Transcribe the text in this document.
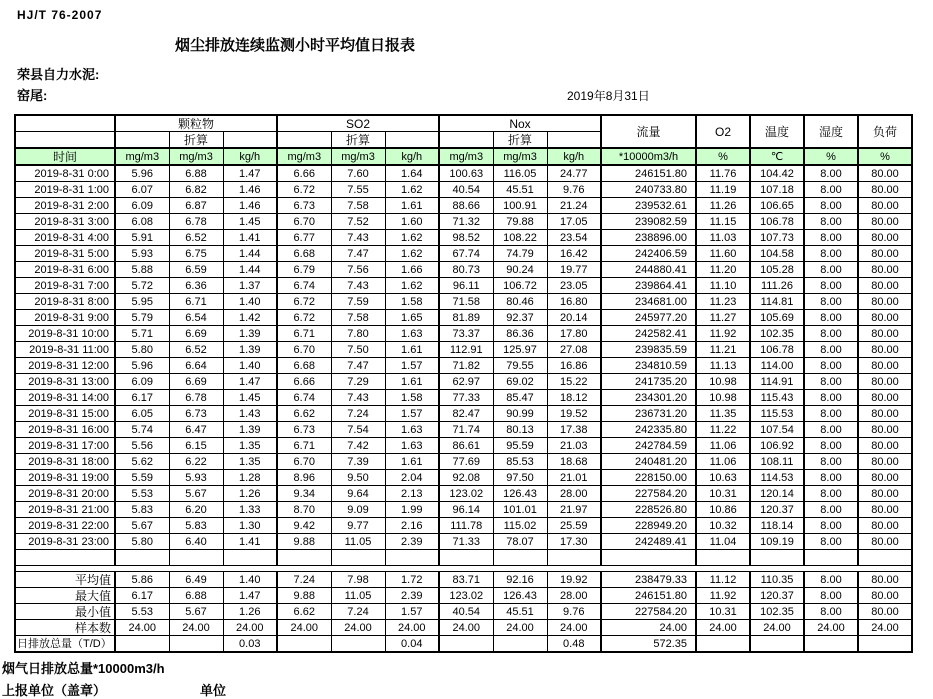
HJ/T 76-2007
烟尘排放连续监测小时平均值日报表
荣县自力水泥:
窑尾:	2019年8月31日
	颗粒物			SO2			Nox			流量	O2	温度	湿度	负荷
		折算			折算			折算						
时间	mg/m3	mg/m3	kg/h	mg/m3	mg/m3	kg/h	mg/m3	mg/m3	kg/h	*10000m3/h	%	℃	%	%
2019-8-31 0:00	5.96	6.88	1.47	6.66	7.60	1.64	100.63	116.05	24.77	246151.80	11.76	104.42	8.00	80.00
2019-8-31 1:00	6.07	6.82	1.46	6.72	7.55	1.62	40.54	45.51	9.76	240733.80	11.19	107.18	8.00	80.00
2019-8-31 2:00	6.09	6.87	1.46	6.73	7.58	1.61	88.66	100.91	21.24	239532.61	11.26	106.65	8.00	80.00
2019-8-31 3:00	6.08	6.78	1.45	6.70	7.52	1.60	71.32	79.88	17.05	239082.59	11.15	106.78	8.00	80.00
2019-8-31 4:00	5.91	6.52	1.41	6.77	7.43	1.62	98.52	108.22	23.54	238896.00	11.03	107.73	8.00	80.00
2019-8-31 5:00	5.93	6.75	1.44	6.68	7.47	1.62	67.74	74.79	16.42	242406.59	11.60	104.58	8.00	80.00
2019-8-31 6:00	5.88	6.59	1.44	6.79	7.56	1.66	80.73	90.24	19.77	244880.41	11.20	105.28	8.00	80.00
2019-8-31 7:00	5.72	6.36	1.37	6.74	7.43	1.62	96.11	106.72	23.05	239864.41	11.10	111.26	8.00	80.00
2019-8-31 8:00	5.95	6.71	1.40	6.72	7.59	1.58	71.58	80.46	16.80	234681.00	11.23	114.81	8.00	80.00
2019-8-31 9:00	5.79	6.54	1.42	6.72	7.58	1.65	81.89	92.37	20.14	245977.20	11.27	105.69	8.00	80.00
2019-8-31 10:00	5.71	6.69	1.39	6.71	7.80	1.63	73.37	86.36	17.80	242582.41	11.92	102.35	8.00	80.00
2019-8-31 11:00	5.80	6.52	1.39	6.70	7.50	1.61	112.91	125.97	27.08	239835.59	11.21	106.78	8.00	80.00
2019-8-31 12:00	5.96	6.64	1.40	6.68	7.47	1.57	71.82	79.55	16.86	234810.59	11.13	114.00	8.00	80.00
2019-8-31 13:00	6.09	6.69	1.47	6.66	7.29	1.61	62.97	69.02	15.22	241735.20	10.98	114.91	8.00	80.00
2019-8-31 14:00	6.17	6.78	1.45	6.74	7.43	1.58	77.33	85.47	18.12	234301.20	10.98	115.43	8.00	80.00
2019-8-31 15:00	6.05	6.73	1.43	6.62	7.24	1.57	82.47	90.99	19.52	236731.20	11.35	115.53	8.00	80.00
2019-8-31 16:00	5.74	6.47	1.39	6.73	7.54	1.63	71.74	80.13	17.38	242335.80	11.22	107.54	8.00	80.00
2019-8-31 17:00	5.56	6.15	1.35	6.71	7.42	1.63	86.61	95.59	21.03	242784.59	11.06	106.92	8.00	80.00
2019-8-31 18:00	5.62	6.22	1.35	6.70	7.39	1.61	77.69	85.53	18.68	240481.20	11.06	108.11	8.00	80.00
2019-8-31 19:00	5.59	5.93	1.28	8.96	9.50	2.04	92.08	97.50	21.01	228150.00	10.63	114.53	8.00	80.00
2019-8-31 20:00	5.53	5.67	1.26	9.34	9.64	2.13	123.02	126.43	28.00	227584.20	10.31	120.14	8.00	80.00
2019-8-31 21:00	5.83	6.20	1.33	8.70	9.09	1.99	96.14	101.01	21.97	228526.80	10.86	120.37	8.00	80.00
2019-8-31 22:00	5.67	5.83	1.30	9.42	9.77	2.16	111.78	115.02	25.59	228949.20	10.32	118.14	8.00	80.00
2019-8-31 23:00	5.80	6.40	1.41	9.88	11.05	2.39	71.33	78.07	17.30	242489.41	11.04	109.19	8.00	80.00

平均值	5.86	6.49	1.40	7.24	7.98	1.72	83.71	92.16	19.92	238479.33	11.12	110.35	8.00	80.00
最大值	6.17	6.88	1.47	9.88	11.05	2.39	123.02	126.43	28.00	246151.80	11.92	120.37	8.00	80.00
最小值	5.53	5.67	1.26	6.62	7.24	1.57	40.54	45.51	9.76	227584.20	10.31	102.35	8.00	80.00
样本数	24.00	24.00	24.00	24.00	24.00	24.00	24.00	24.00	24.00	24.00	24.00	24.00	24.00	24.00
日排放总量（T/D）			0.03			0.04			0.48	572.35				
烟气日排放总量*10000m3/h
上报单位（盖章）	单位
